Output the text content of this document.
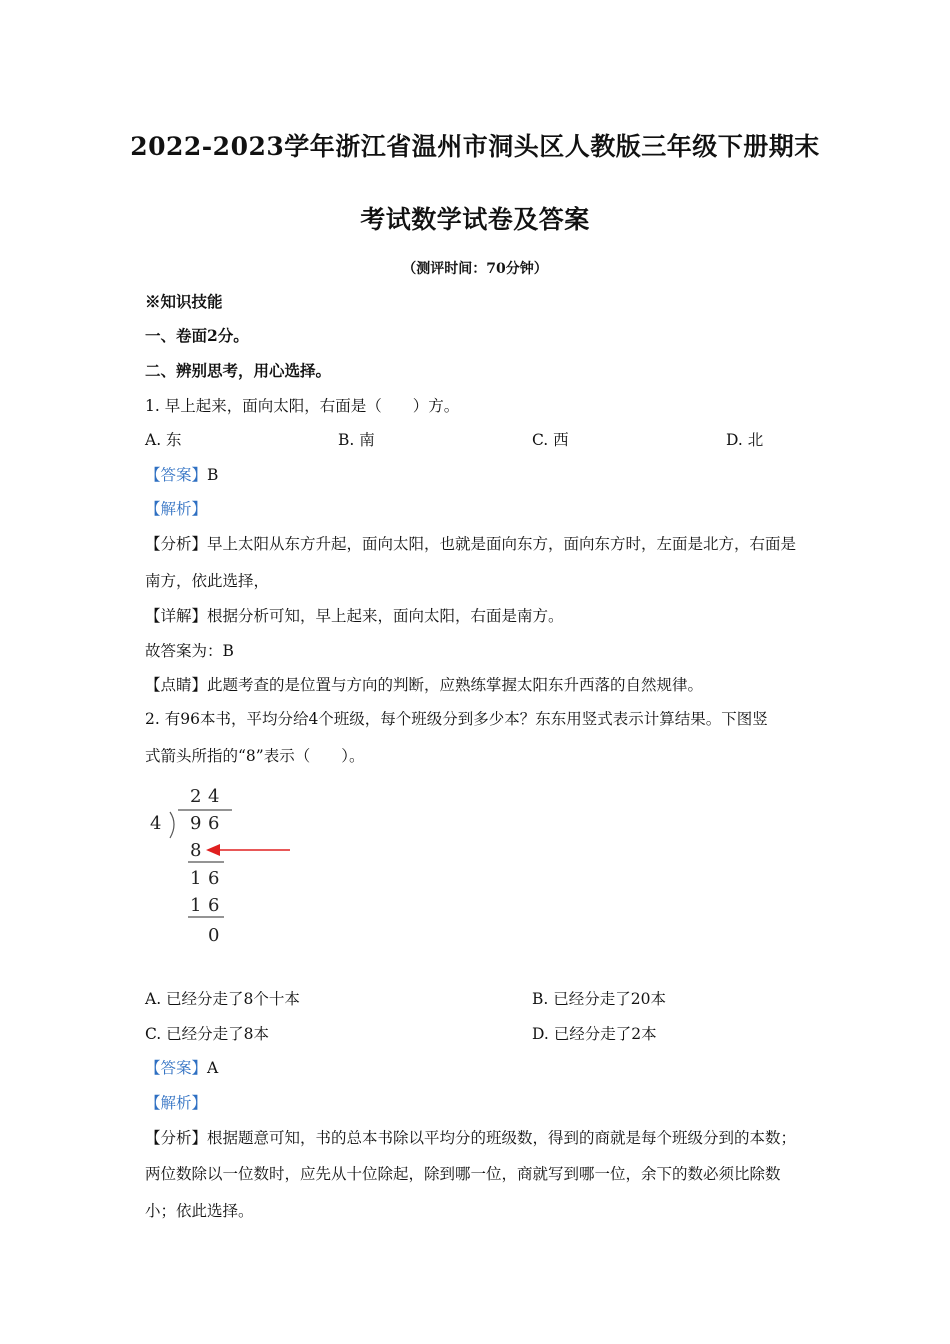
2022-2023学年浙江省温州市洞头区人教版三年级下册期末
考试数学试卷及答案
（测评时间：70分钟）
※知识技能
一、卷面2分。
二、辨别思考，用心选择。
1. 早上起来，面向太阳，右面是（　　）方。
A. 东	B. 南	C. 西	D. 北
【答案】B
【解析】
【分析】早上太阳从东方升起，面向太阳，也就是面向东方，面向东方时，左面是北方，右面是
南方，依此选择，
【详解】根据分析可知，早上起来，面向太阳，右面是南方。
故答案为：B
【点睛】此题考查的是位置与方向的判断，应熟练掌握太阳东升西落的自然规律。
2. 有96本书，平均分给4个班级，每个班级分到多少本？东东用竖式表示计算结果。下图竖
式箭头所指的“8”表示（　　）。
2 4
4 9 6
8
1 6
1 6
0
A. 已经分走了8个十本	B. 已经分走了20本
C. 已经分走了8本	D. 已经分走了2本
【答案】A
【解析】
【分析】根据题意可知，书的总本书除以平均分的班级数，得到的商就是每个班级分到的本数；
两位数除以一位数时，应先从十位除起，除到哪一位，商就写到哪一位，余下的数必须比除数
小；依此选择。
